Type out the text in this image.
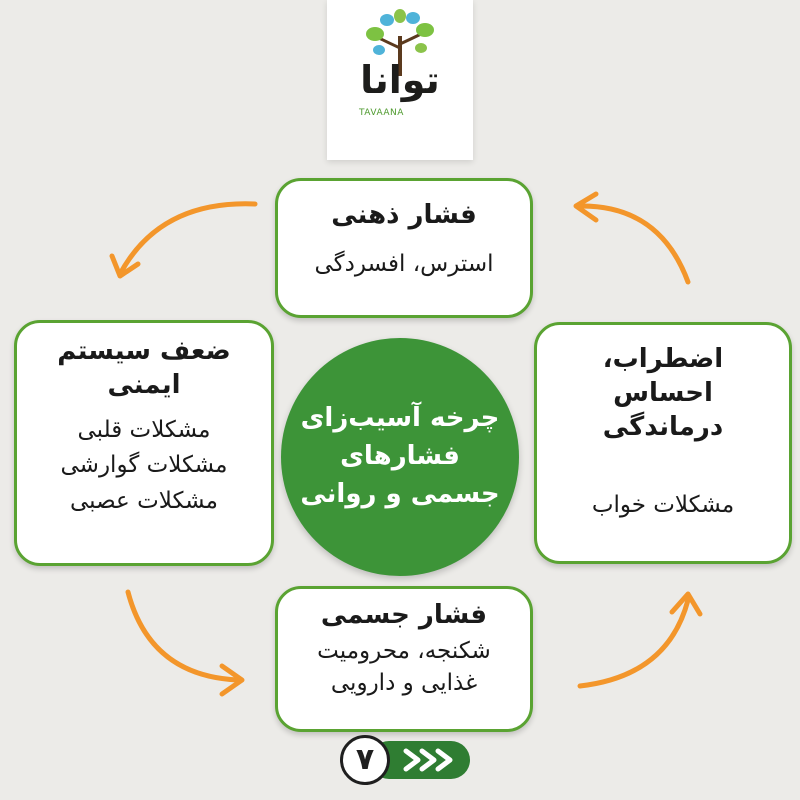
توانا
TAVAANA
فشار ذهنی
استرس، افسردگی
ضعف سیستم ایمنی
مشکلات قلبی
مشکلات گوارشی
مشکلات عصبی
چرخه آسیب‌زای
فشارهای
جسمی و روانی
اضطراب، احساس درماندگی
مشکلات خواب
فشار جسمی
شکنجه، محرومیت
غذایی و دارویی
۷
